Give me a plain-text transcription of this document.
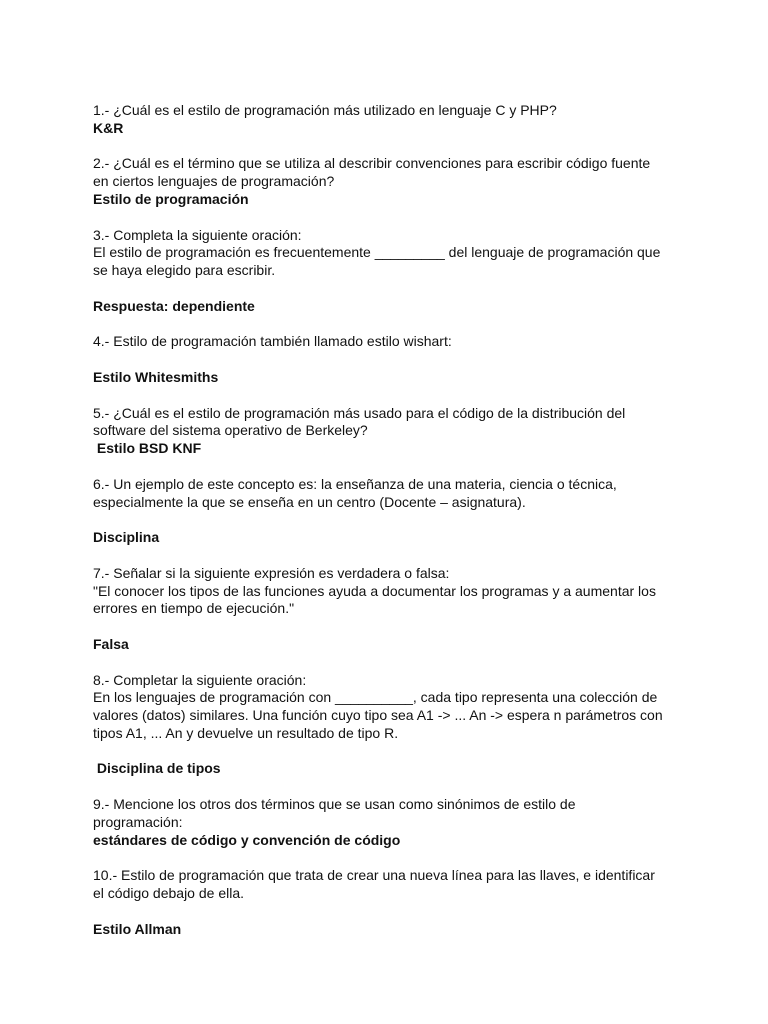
1.- ¿Cuál es el estilo de programación más utilizado en lenguaje C y PHP?

K&R

2.- ¿Cuál es el término que se utiliza al describir convenciones para escribir código fuente

en ciertos lenguajes de programación?

Estilo de programación

3.- Completa la siguiente oración:

El estilo de programación es frecuentemente _________ del lenguaje de programación que

se haya elegido para escribir.

Respuesta: dependiente

4.- Estilo de programación también llamado estilo wishart:

Estilo Whitesmiths

5.- ¿Cuál es el estilo de programación más usado para el código de la distribución del

software del sistema operativo de Berkeley?

Estilo BSD KNF

6.- Un ejemplo de este concepto es: la enseñanza de una materia, ciencia o técnica,

especialmente la que se enseña en un centro (Docente – asignatura).

Disciplina

7.- Señalar si la siguiente expresión es verdadera o falsa:

"El conocer los tipos de las funciones ayuda a documentar los programas y a aumentar los

errores en tiempo de ejecución."

Falsa

8.- Completar la siguiente oración:

En los lenguajes de programación con __________, cada tipo representa una colección de

valores (datos) similares. Una función cuyo tipo sea A1 -> ... An -> espera n parámetros con

tipos A1, ... An y devuelve un resultado de tipo R.

Disciplina de tipos

9.- Mencione los otros dos términos que se usan como sinónimos de estilo de

programación:

estándares de código y convención de código

10.- Estilo de programación que trata de crear una nueva línea para las llaves, e identificar

el código debajo de ella.

Estilo Allman
